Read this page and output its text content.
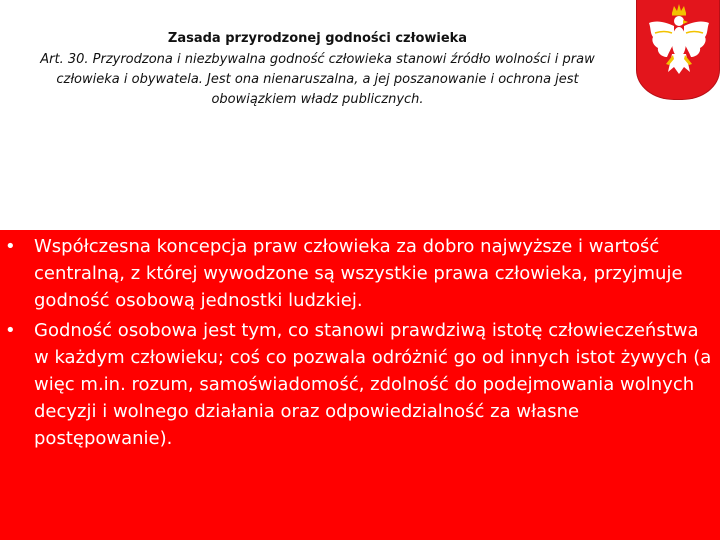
Zasada przyrodzonej godności człowieka
Art. 30. Przyrodzona i niezbywalna godność człowieka stanowi źródło wolności i praw człowieka i obywatela. Jest ona nienaruszalna, a jej poszanowanie i ochrona jest obowiązkiem władz publicznych.
• Współczesna koncepcja praw człowieka za dobro najwyższe i wartość centralną, z której wywodzone są wszystkie prawa człowieka, przyjmuje godność osobową jednostki ludzkiej.
• Godność osobowa jest tym, co stanowi prawdziwą istotę człowieczeństwa w każdym człowieku; coś co pozwala odróżnić go od innych istot żywych (a więc m.in. rozum, samoświadomość, zdolność do podejmowania wolnych decyzji i wolnego działania oraz odpowiedzialność za własne postępowanie).
